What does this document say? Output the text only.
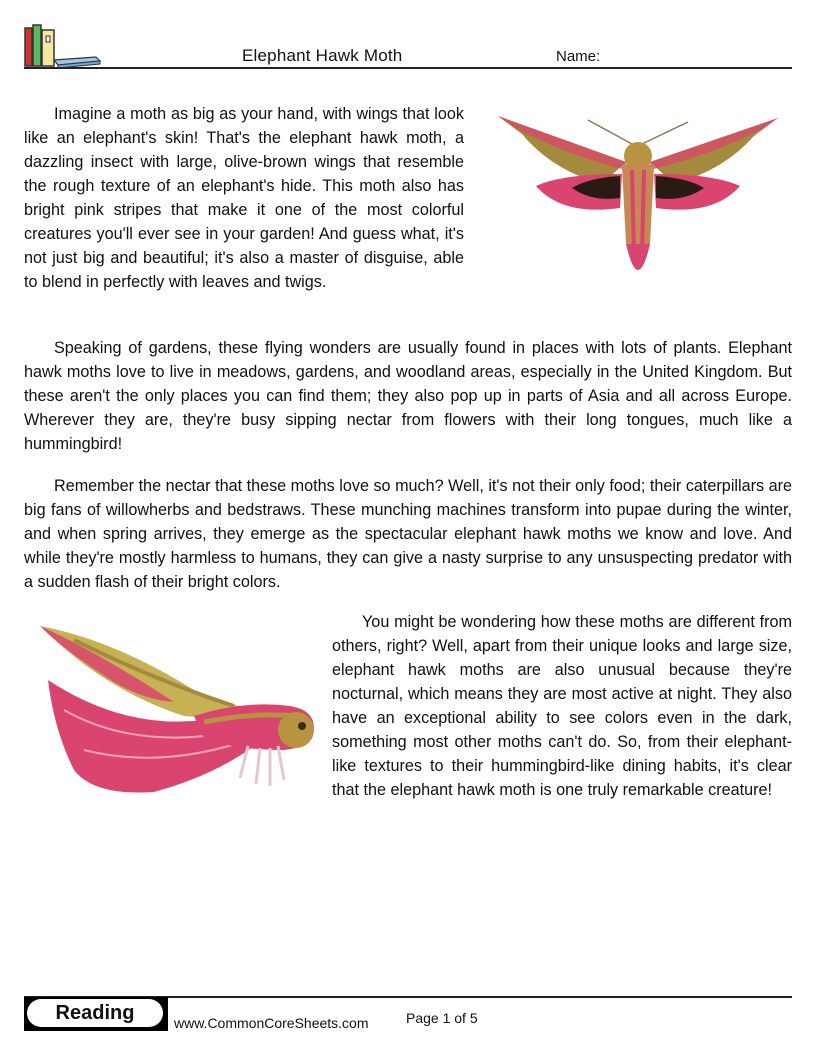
Elephant Hawk Moth	Name:

Imagine a moth as big as your hand, with wings that look like an elephant's skin! That's the elephant hawk moth, a dazzling insect with large, olive-brown wings that resemble the rough texture of an elephant's hide. This moth also has bright pink stripes that make it one of the most colorful creatures you'll ever see in your garden! And guess what, it's not just big and beautiful; it's also a master of disguise, able to blend in perfectly with leaves and twigs.

Speaking of gardens, these flying wonders are usually found in places with lots of plants. Elephant hawk moths love to live in meadows, gardens, and woodland areas, especially in the United Kingdom. But these aren't the only places you can find them; they also pop up in parts of Asia and all across Europe. Wherever they are, they're busy sipping nectar from flowers with their long tongues, much like a hummingbird!

Remember the nectar that these moths love so much? Well, it's not their only food; their caterpillars are big fans of willowherbs and bedstraws. These munching machines transform into pupae during the winter, and when spring arrives, they emerge as the spectacular elephant hawk moths we know and love. And while they're mostly harmless to humans, they can give a nasty surprise to any unsuspecting predator with a sudden flash of their bright colors.

You might be wondering how these moths are different from others, right? Well, apart from their unique looks and large size, elephant hawk moths are also unusual because they're nocturnal, which means they are most active at night. They also have an exceptional ability to see colors even in the dark, something most other moths can't do. So, from their elephant-like textures to their hummingbird-like dining habits, it's clear that the elephant hawk moth is one truly remarkable creature!

Reading	www.CommonCoreSheets.com	Page 1 of 5
